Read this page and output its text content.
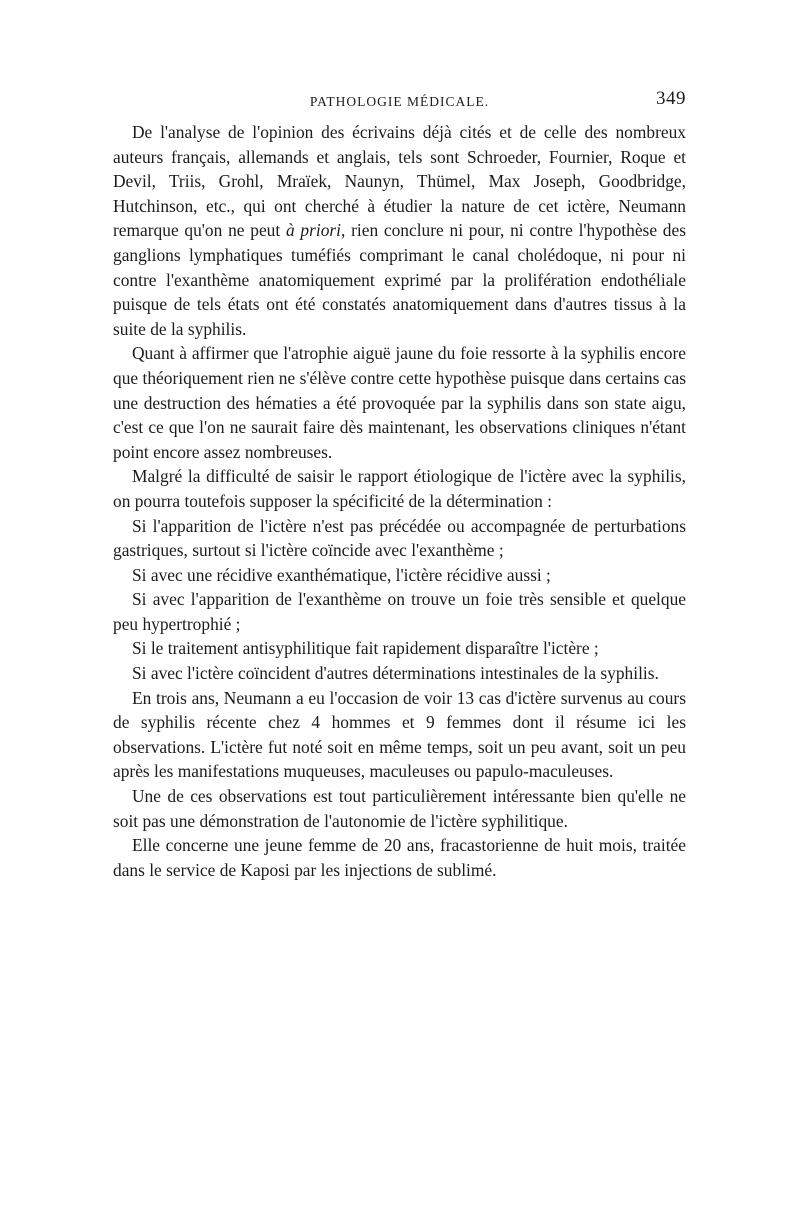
PATHOLOGIE MÉDICALE.	349

De l'analyse de l'opinion des écrivains déjà cités et de celle des nombreux auteurs français, allemands et anglais, tels sont Schroeder, Fournier, Roque et Devil, Triis, Grohl, Mraïek, Naunyn, Thümel, Max Joseph, Goodbridge, Hutchinson, etc., qui ont cherché à étudier la nature de cet ictère, Neumann remarque qu'on ne peut à priori, rien conclure ni pour, ni contre l'hypothèse des ganglions lymphatiques tuméfiés comprimant le canal cholédoque, ni pour ni contre l'exanthème anatomiquement exprimé par la prolifération endothéliale puisque de tels états ont été constatés anatomiquement dans d'autres tissus à la suite de la syphilis.

Quant à affirmer que l'atrophie aiguë jaune du foie ressorte à la syphilis encore que théoriquement rien ne s'élève contre cette hypothèse puisque dans certains cas une destruction des hématies a été provoquée par la syphilis dans son state aigu, c'est ce que l'on ne saurait faire dès maintenant, les observations cliniques n'étant point encore assez nombreuses.

Malgré la difficulté de saisir le rapport étiologique de l'ictère avec la syphilis, on pourra toutefois supposer la spécificité de la détermination :

Si l'apparition de l'ictère n'est pas précédée ou accompagnée de perturbations gastriques, surtout si l'ictère coïncide avec l'exanthème ;

Si avec une récidive exanthématique, l'ictère récidive aussi ;

Si avec l'apparition de l'exanthème on trouve un foie très sensible et quelque peu hypertrophié ;

Si le traitement antisyphilitique fait rapidement disparaître l'ictère ;

Si avec l'ictère coïncident d'autres déterminations intestinales de la syphilis.

En trois ans, Neumann a eu l'occasion de voir 13 cas d'ictère survenus au cours de syphilis récente chez 4 hommes et 9 femmes dont il résume ici les observations. L'ictère fut noté soit en même temps, soit un peu avant, soit un peu après les manifestations muqueuses, maculeuses ou papulo-maculeuses.

Une de ces observations est tout particulièrement intéressante bien qu'elle ne soit pas une démonstration de l'autonomie de l'ictère syphilitique.

Elle concerne une jeune femme de 20 ans, fracastorienne de huit mois, traitée dans le service de Kaposi par les injections de sublimé.
